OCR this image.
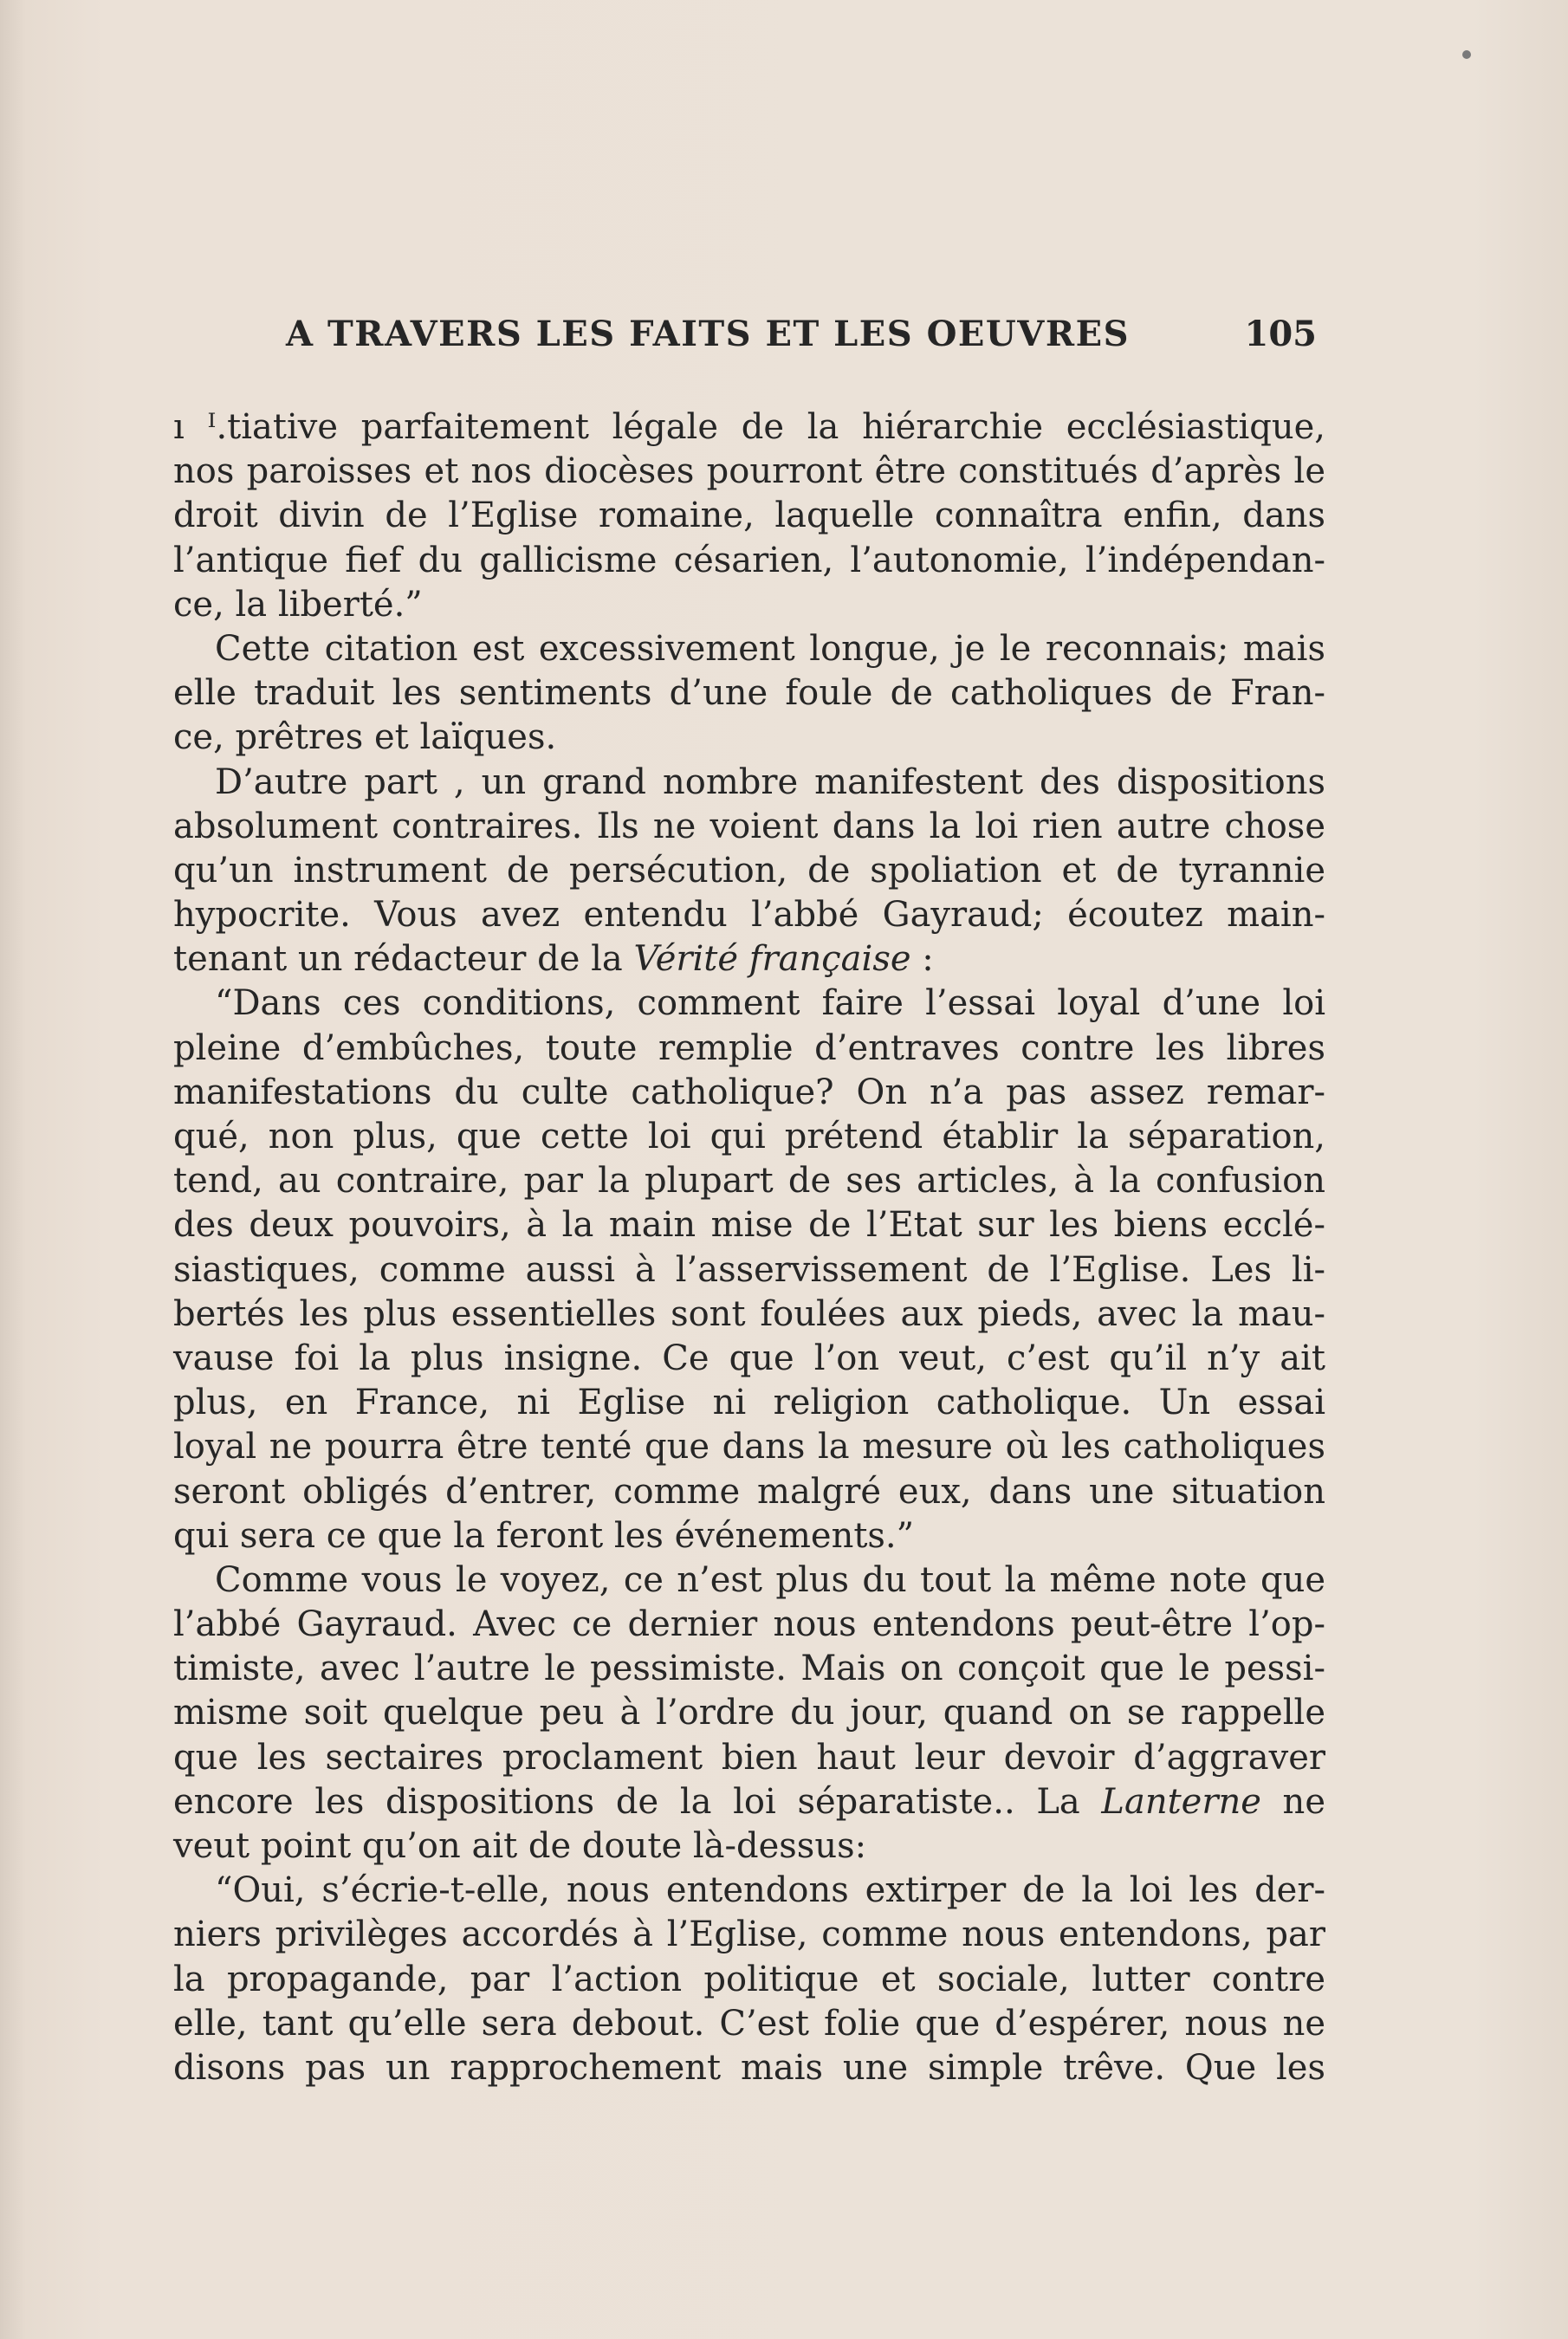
A TRAVERS LES FAITS ET LES OEUVRES	105
ı ᴵ.tiative parfaitement légale de la hiérarchie ecclésiastique,
nos paroisses et nos diocèses pourront être constitués d’après le
droit divin de l’Eglise romaine, laquelle connaîtra enfin, dans
l’antique fief du gallicisme césarien, l’autonomie, l’indépendan-
ce, la liberté.”
Cette citation est excessivement longue, je le reconnais; mais
elle traduit les sentiments d’une foule de catholiques de Fran-
ce, prêtres et laïques.
D’autre part , un grand nombre manifestent des dispositions
absolument contraires. Ils ne voient dans la loi rien autre chose
qu’un instrument de persécution, de spoliation et de tyrannie
hypocrite. Vous avez entendu l’abbé Gayraud; écoutez main-
tenant un rédacteur de la Vérité française :
“Dans ces conditions, comment faire l’essai loyal d’une loi
pleine d’embûches, toute remplie d’entraves contre les libres
manifestations du culte catholique? On n’a pas assez remar-
qué, non plus, que cette loi qui prétend établir la séparation,
tend, au contraire, par la plupart de ses articles, à la confusion
des deux pouvoirs, à la main mise de l’Etat sur les biens ecclé-
siastiques, comme aussi à l’asservissement de l’Eglise. Les li-
bertés les plus essentielles sont foulées aux pieds, avec la mau-
vause foi la plus insigne. Ce que l’on veut, c’est qu’il n’y ait
plus, en France, ni Eglise ni religion catholique. Un essai
loyal ne pourra être tenté que dans la mesure où les catholiques
seront obligés d’entrer, comme malgré eux, dans une situation
qui sera ce que la feront les événements.”
Comme vous le voyez, ce n’est plus du tout la même note que
l’abbé Gayraud. Avec ce dernier nous entendons peut-être l’op-
timiste, avec l’autre le pessimiste. Mais on conçoit que le pessi-
misme soit quelque peu à l’ordre du jour, quand on se rappelle
que les sectaires proclament bien haut leur devoir d’aggraver
encore les dispositions de la loi séparatiste.. La Lanterne ne
veut point qu’on ait de doute là-dessus:
“Oui, s’écrie-t-elle, nous entendons extirper de la loi les der-
niers privilèges accordés à l’Eglise, comme nous entendons, par
la propagande, par l’action politique et sociale, lutter contre
elle, tant qu’elle sera debout. C’est folie que d’espérer, nous ne
disons pas un rapprochement mais une simple trêve. Que les
